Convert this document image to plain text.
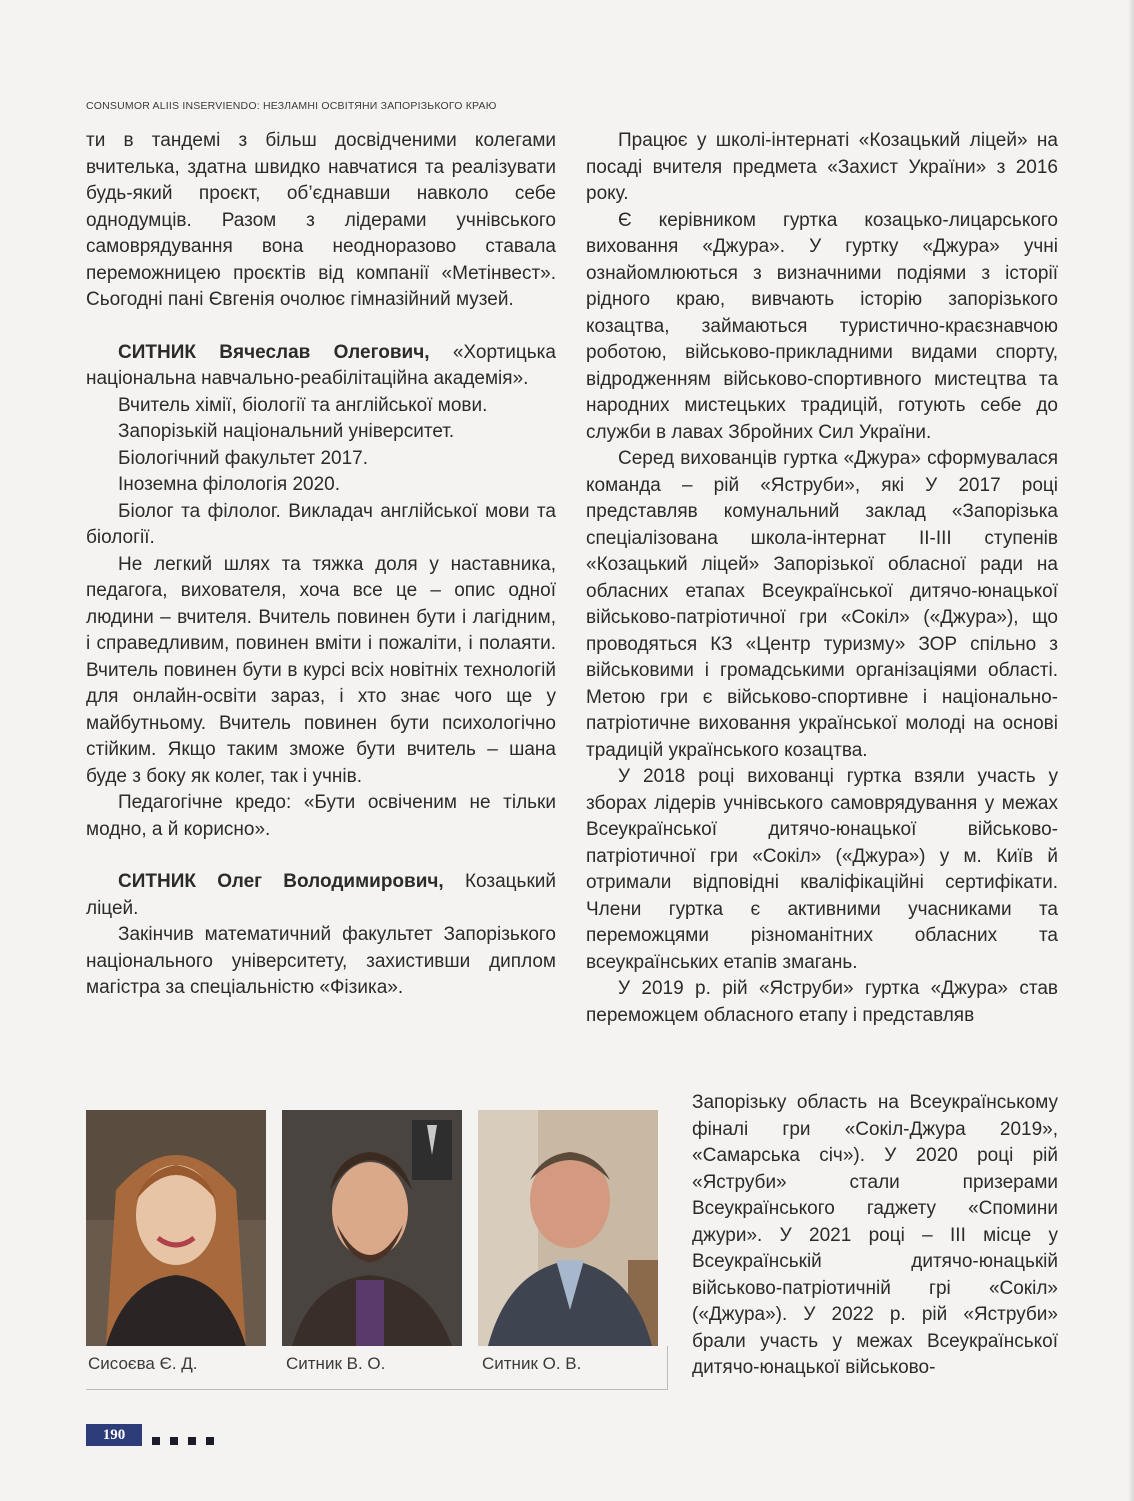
CONSUMOR ALIIS INSERVIENDO: НЕЗЛАМНІ ОСВІТЯНИ ЗАПОРІЗЬКОГО КРАЮ

ти в тандемі з більш досвідченими колегами вчителька, здатна швидко навчатися та реалізувати будь-який проєкт, об’єднавши навколо себе однодумців. Разом з лідерами учнівського самоврядування вона неодноразово ставала переможницею проєктів від компанії «Метінвест». Сьогодні пані Євгенія очолює гімназійний музей.

СИТНИК Вячеслав Олегович, «Хортицька національна навчально-реабілітаційна академія».

Вчитель хімії, біології та англійської мови.

Запорізькій національний університет.

Біологічний факультет 2017.

Іноземна філологія 2020.

Біолог та філолог. Викладач англійської мови та біології.

Не легкий шлях та тяжка доля у наставника, педагога, вихователя, хоча все це – опис одної людини – вчителя. Вчитель повинен бути і лагідним, і справедливим, повинен вміти і пожаліти, і полаяти. Вчитель повинен бути в курсі всіх новітніх технологій для онлайн-освіти зараз, і хто знає чого ще у майбутньому. Вчитель повинен бути психологічно стійким. Якщо таким зможе бути вчитель – шана буде з боку як колег, так і учнів.

Педагогічне кредо: «Бути освіченим не тільки модно, а й корисно».

СИТНИК Олег Володимирович, Козацький ліцей.

Закінчив математичний факультет Запорізького національного університету, захистивши диплом магістра за спеціальністю «Фізика».

Працює у школі-інтернаті «Козацький ліцей» на посаді вчителя предмета «Захист України» з 2016 року.

Є керівником гуртка козацько-лицарського виховання «Джура». У гуртку «Джура» учні ознайомлюються з визначними подіями з історії рідного краю, вивчають історію запорізького козацтва, займаються туристично-краєзнавчою роботою, військово-прикладними видами спорту, відродженням військово-спортивного мистецтва та народних мистецьких традицій, готують себе до служби в лавах Збройних Сил України.

Серед вихованців гуртка «Джура» сформувалася команда – рій «Яструби», які У 2017 році представляв комунальний заклад «Запорізька спеціалізована школа-інтернат ІІ-ІІІ ступенів «Козацький ліцей» Запорізької обласної ради на обласних етапах Всеукраїнської дитячо-юнацької військово-патріотичної гри «Сокіл» («Джура»), що проводяться КЗ «Центр туризму» ЗОР спільно з військовими і громадськими організаціями області. Метою гри є військово-спортивне і національно-патріотичне виховання української молоді на основі традицій українського козацтва.

У 2018 році вихованці гуртка взяли участь у зборах лідерів учнівського самоврядування у межах Всеукраїнської дитячо-юнацької військово-патріотичної гри «Сокіл» («Джура») у м. Київ й отримали відповідні кваліфікаційні сертифікати. Члени гуртка є активними учасниками та переможцями різноманітних обласних та всеукраїнських етапів змагань.

У 2019 р. рій «Яструби» гуртка «Джура» став переможцем обласного етапу і представляв

Запорізьку область на Всеукраїнському фіналі гри «Сокіл-Джура 2019», «Самарська січ»). У 2020 році рій «Яструби» стали призерами Всеукраїнського гаджету «Спомини джури». У 2021 році – ІІІ місце у Всеукраїнській дитячо-юнацькій військово-патріотичній грі «Сокіл» («Джура»). У 2022 р. рій «Яструби» брали участь у межах Всеукраїнської дитячо-юнацької військово-

Сисоєва Є. Д.	Ситник В. О.	Ситник О. В.
190
